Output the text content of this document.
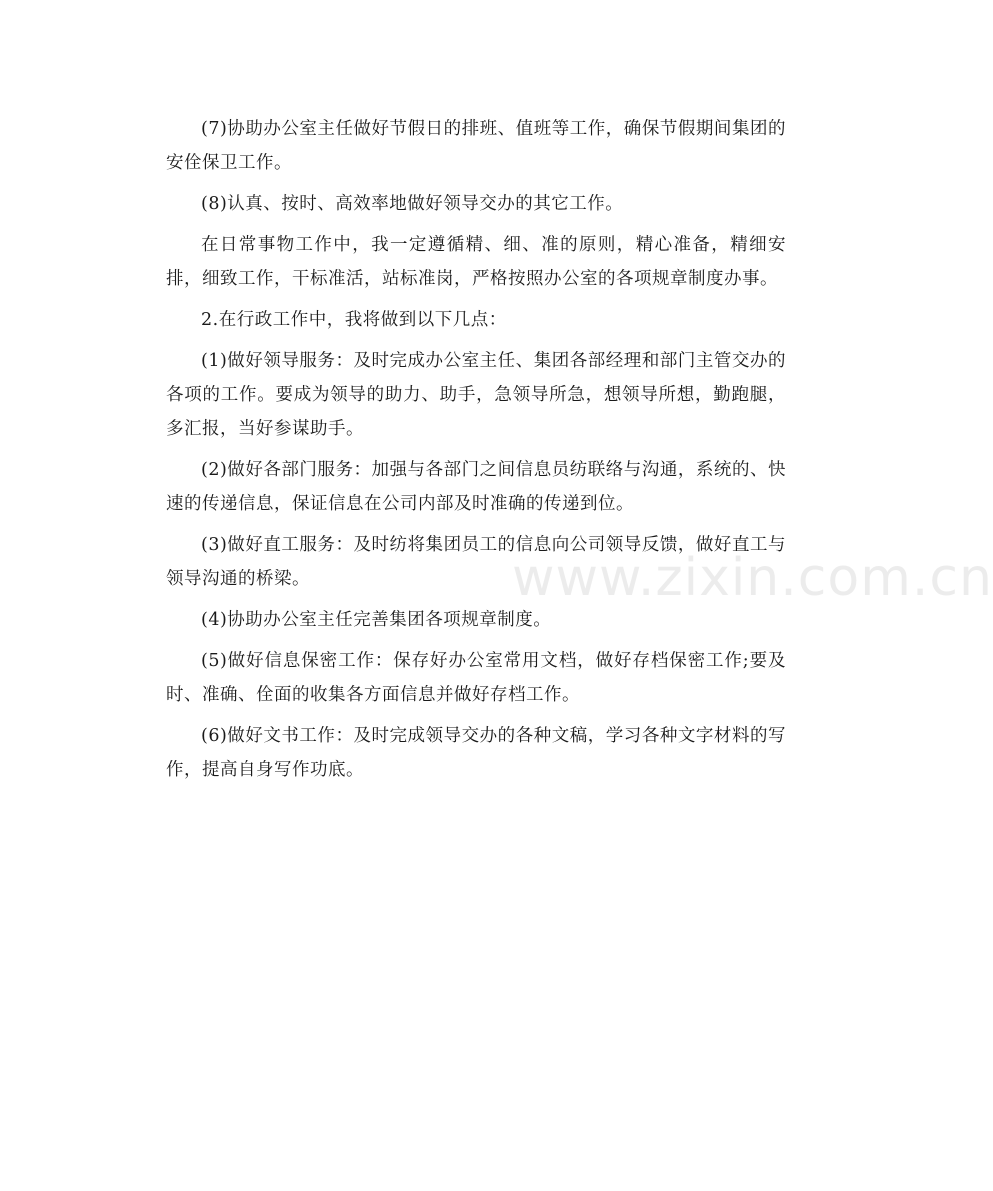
(7)协助办公室主任做好节假日的排班、值班等工作，确保节假期间集团的安佺保卫工作。

(8)认真、按时、高效率地做好领导交办的其它工作。

在日常事物工作中，我一定遵循精、细、准的原则，精心准备，精细安排，细致工作，干标准活，站标准岗，严格按照办公室的各项规章制度办事。

2.在行政工作中，我将做到以下几点：

(1)做好领导服务：及时完成办公室主任、集团各部经理和部门主管交办的各项的工作。要成为领导的助力、助手，急领导所急，想领导所想，勤跑腿，多汇报，当好参谋助手。

(2)做好各部门服务：加强与各部门之间信息员纺联络与沟通，系统的、快速的传递信息，保证信息在公司内部及时准确的传递到位。

(3)做好直工服务：及时纺将集团员工的信息向公司领导反馈，做好直工与领导沟通的桥梁。

(4)协助办公室主任完善集团各项规章制度。

(5)做好信息保密工作：保存好办公室常用文档，做好存档保密工作;要及时、准确、佺面的收集各方面信息并做好存档工作。

(6)做好文书工作：及时完成领导交办的各种文稿，学习各种文字材料的写作，提高自身写作功底。

www.zixin.com.cn
